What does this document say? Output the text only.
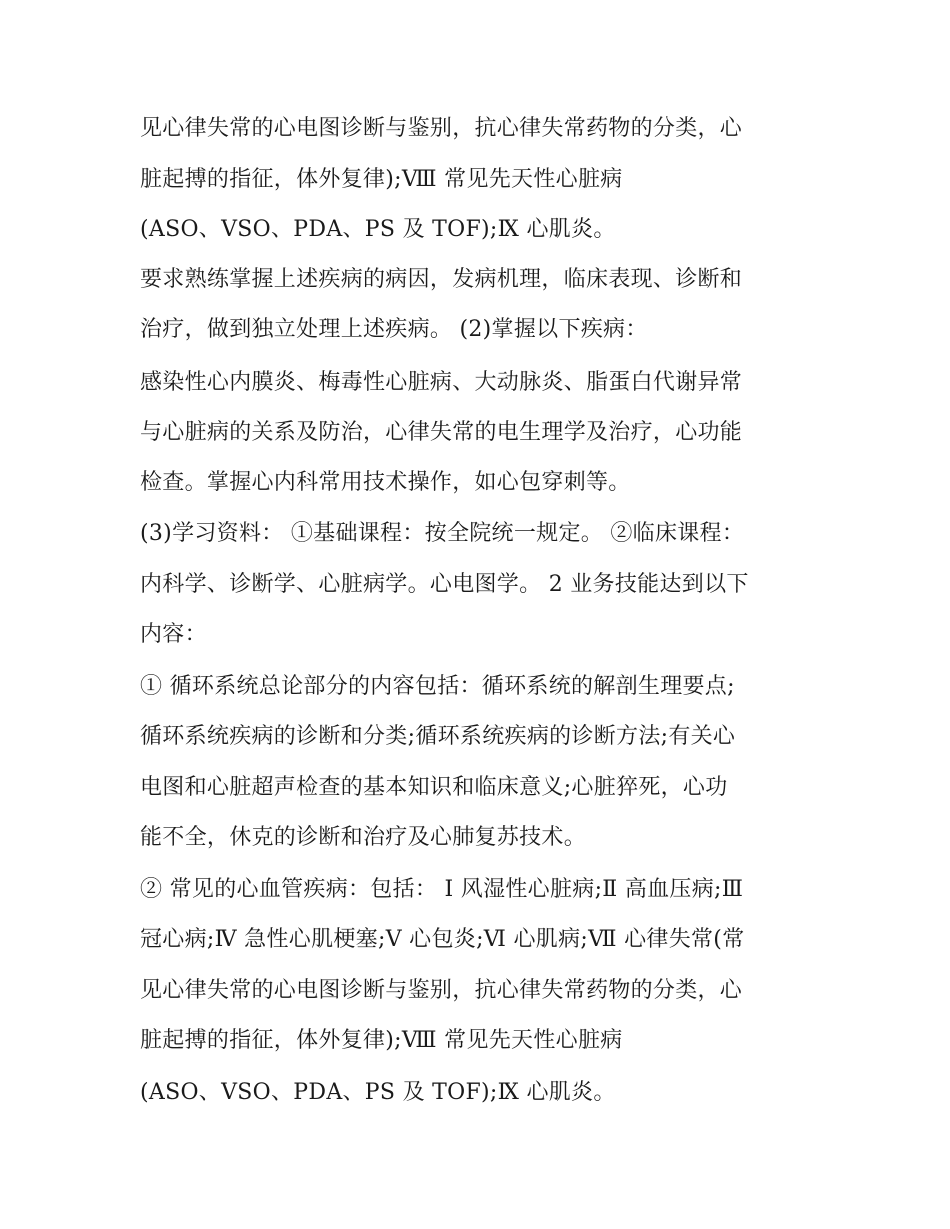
见心律失常的心电图诊断与鉴别，抗心律失常药物的分类，心
脏起搏的指征，体外复律);Ⅷ 常见先天性心脏病
(ASO、VSO、PDA、PS 及 TOF);Ⅸ 心肌炎。
要求熟练掌握上述疾病的病因，发病机理，临床表现、诊断和
治疗，做到独立处理上述疾病。 (2)掌握以下疾病：
感染性心内膜炎、梅毒性心脏病、大动脉炎、脂蛋白代谢异常
与心脏病的关系及防治，心律失常的电生理学及治疗，心功能
检查。掌握心内科常用技术操作，如心包穿刺等。
(3)学习资料： ①基础课程：按全院统一规定。 ②临床课程：
内科学、诊断学、心脏病学。心电图学。 2 业务技能达到以下
内容：
① 循环系统总论部分的内容包括：循环系统的解剖生理要点;
循环系统疾病的诊断和分类;循环系统疾病的诊断方法;有关心
电图和心脏超声检查的基本知识和临床意义;心脏猝死，心功
能不全，休克的诊断和治疗及心肺复苏技术。
② 常见的心血管疾病：包括： Ⅰ 风湿性心脏病;Ⅱ 高血压病;Ⅲ
冠心病;Ⅳ 急性心肌梗塞;Ⅴ 心包炎;Ⅵ 心肌病;Ⅶ 心律失常(常
见心律失常的心电图诊断与鉴别，抗心律失常药物的分类，心
脏起搏的指征，体外复律);Ⅷ 常见先天性心脏病
(ASO、VSO、PDA、PS 及 TOF);Ⅸ 心肌炎。
